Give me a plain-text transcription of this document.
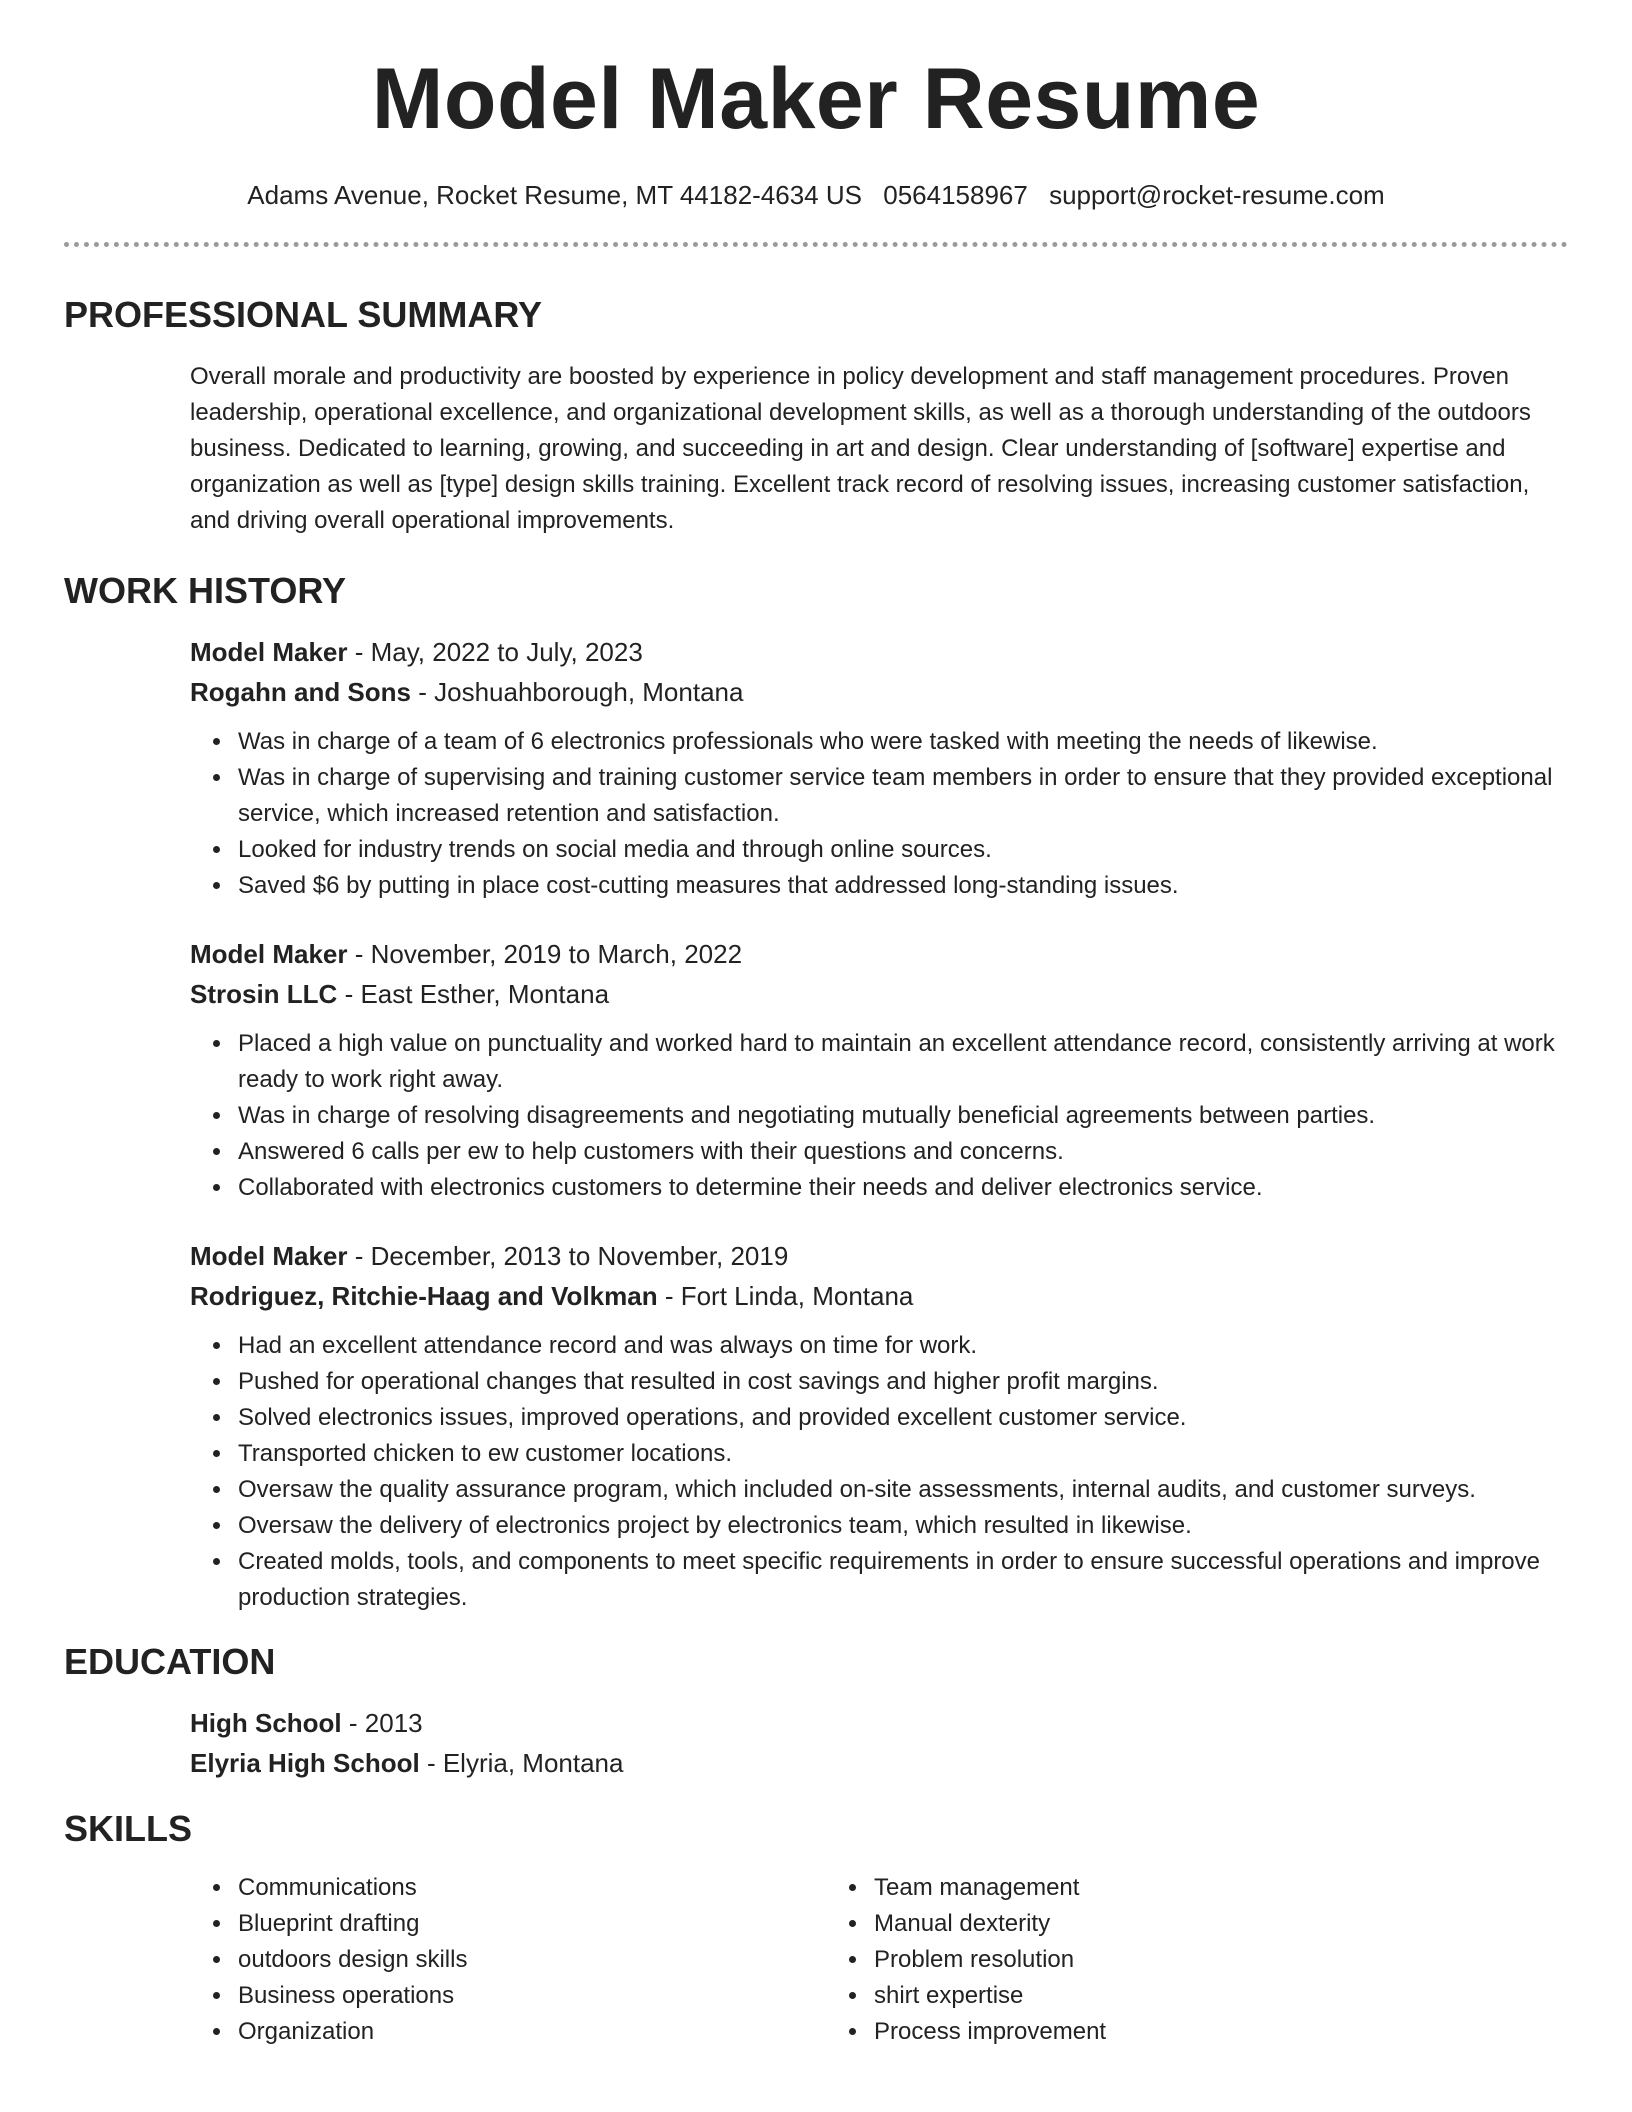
Model Maker Resume
Adams Avenue, Rocket Resume, MT 44182-4634 US 0564158967 support@rocket-resume.com
PROFESSIONAL SUMMARY
Overall morale and productivity are boosted by experience in policy development and staff management procedures. Proven leadership, operational excellence, and organizational development skills, as well as a thorough understanding of the outdoors business. Dedicated to learning, growing, and succeeding in art and design. Clear understanding of [software] expertise and organization as well as [type] design skills training. Excellent track record of resolving issues, increasing customer satisfaction, and driving overall operational improvements.
WORK HISTORY
Model Maker - May, 2022 to July, 2023
Rogahn and Sons - Joshuahborough, Montana
• Was in charge of a team of 6 electronics professionals who were tasked with meeting the needs of likewise.
• Was in charge of supervising and training customer service team members in order to ensure that they provided exceptional service, which increased retention and satisfaction.
• Looked for industry trends on social media and through online sources.
• Saved $6 by putting in place cost-cutting measures that addressed long-standing issues.
Model Maker - November, 2019 to March, 2022
Strosin LLC - East Esther, Montana
• Placed a high value on punctuality and worked hard to maintain an excellent attendance record, consistently arriving at work ready to work right away.
• Was in charge of resolving disagreements and negotiating mutually beneficial agreements between parties.
• Answered 6 calls per ew to help customers with their questions and concerns.
• Collaborated with electronics customers to determine their needs and deliver electronics service.
Model Maker - December, 2013 to November, 2019
Rodriguez, Ritchie-Haag and Volkman - Fort Linda, Montana
• Had an excellent attendance record and was always on time for work.
• Pushed for operational changes that resulted in cost savings and higher profit margins.
• Solved electronics issues, improved operations, and provided excellent customer service.
• Transported chicken to ew customer locations.
• Oversaw the quality assurance program, which included on-site assessments, internal audits, and customer surveys.
• Oversaw the delivery of electronics project by electronics team, which resulted in likewise.
• Created molds, tools, and components to meet specific requirements in order to ensure successful operations and improve production strategies.
EDUCATION
High School - 2013
Elyria High School - Elyria, Montana
SKILLS
• Communications
• Blueprint drafting
• outdoors design skills
• Business operations
• Organization
• Team management
• Manual dexterity
• Problem resolution
• shirt expertise
• Process improvement
